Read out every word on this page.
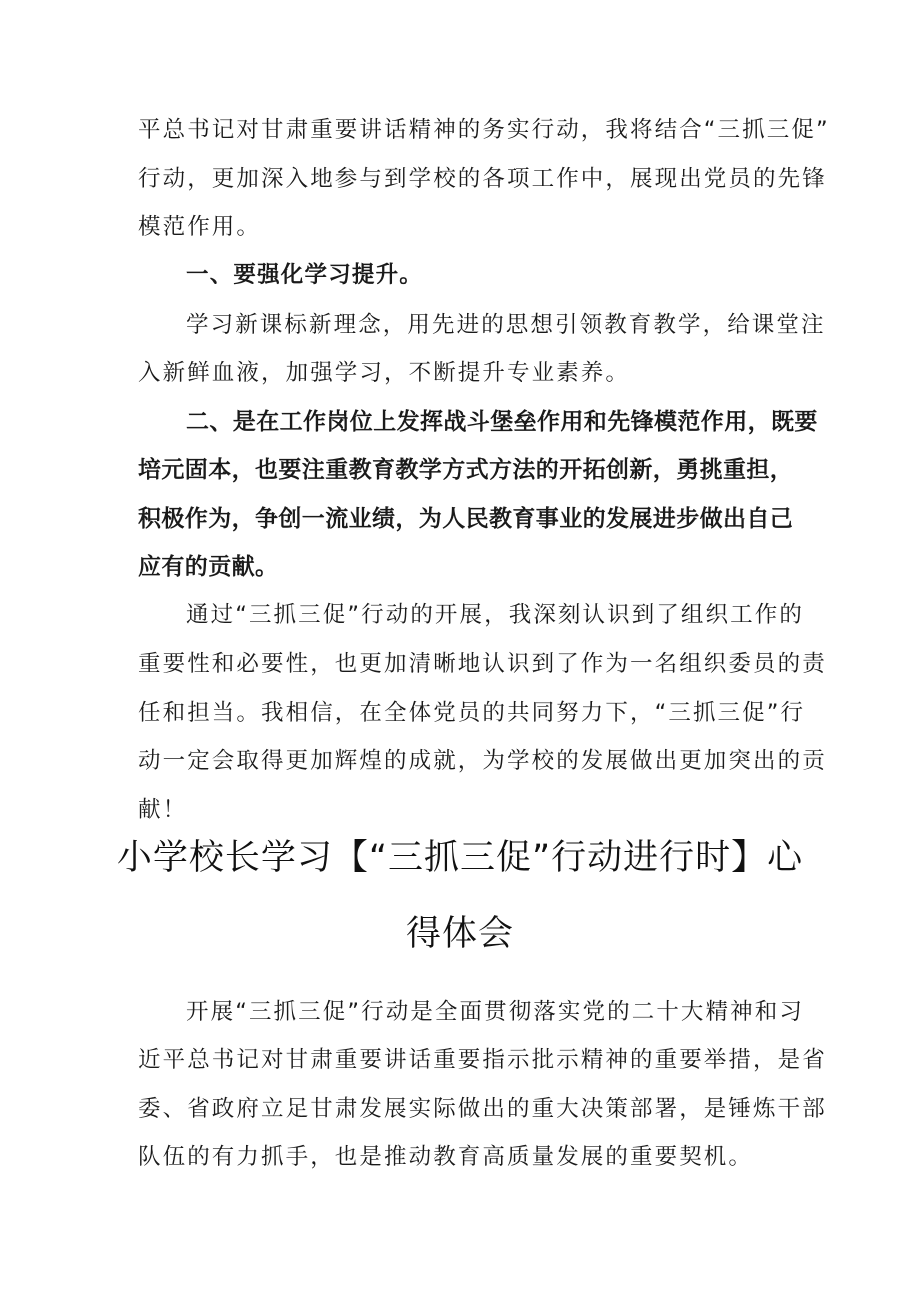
平总书记对甘肃重要讲话精神的务实行动，我将结合“三抓三促”
行动，更加深入地参与到学校的各项工作中，展现出党员的先锋
模范作用。
一、要强化学习提升。
学习新课标新理念，用先进的思想引领教育教学，给课堂注
入新鲜血液，加强学习，不断提升专业素养。
二、是在工作岗位上发挥战斗堡垒作用和先锋模范作用，既要
培元固本，也要注重教育教学方式方法的开拓创新，勇挑重担，
积极作为，争创一流业绩，为人民教育事业的发展进步做出自己
应有的贡献。
通过“三抓三促”行动的开展，我深刻认识到了组织工作的
重要性和必要性，也更加清晰地认识到了作为一名组织委员的责
任和担当。我相信，在全体党员的共同努力下，“三抓三促”行
动一定会取得更加辉煌的成就，为学校的发展做出更加突出的贡
献！
小学校长学习【“三抓三促”行动进行时】心
得体会
开展“三抓三促”行动是全面贯彻落实党的二十大精神和习
近平总书记对甘肃重要讲话重要指示批示精神的重要举措，是省
委、省政府立足甘肃发展实际做出的重大决策部署，是锤炼干部
队伍的有力抓手，也是推动教育高质量发展的重要契机。
